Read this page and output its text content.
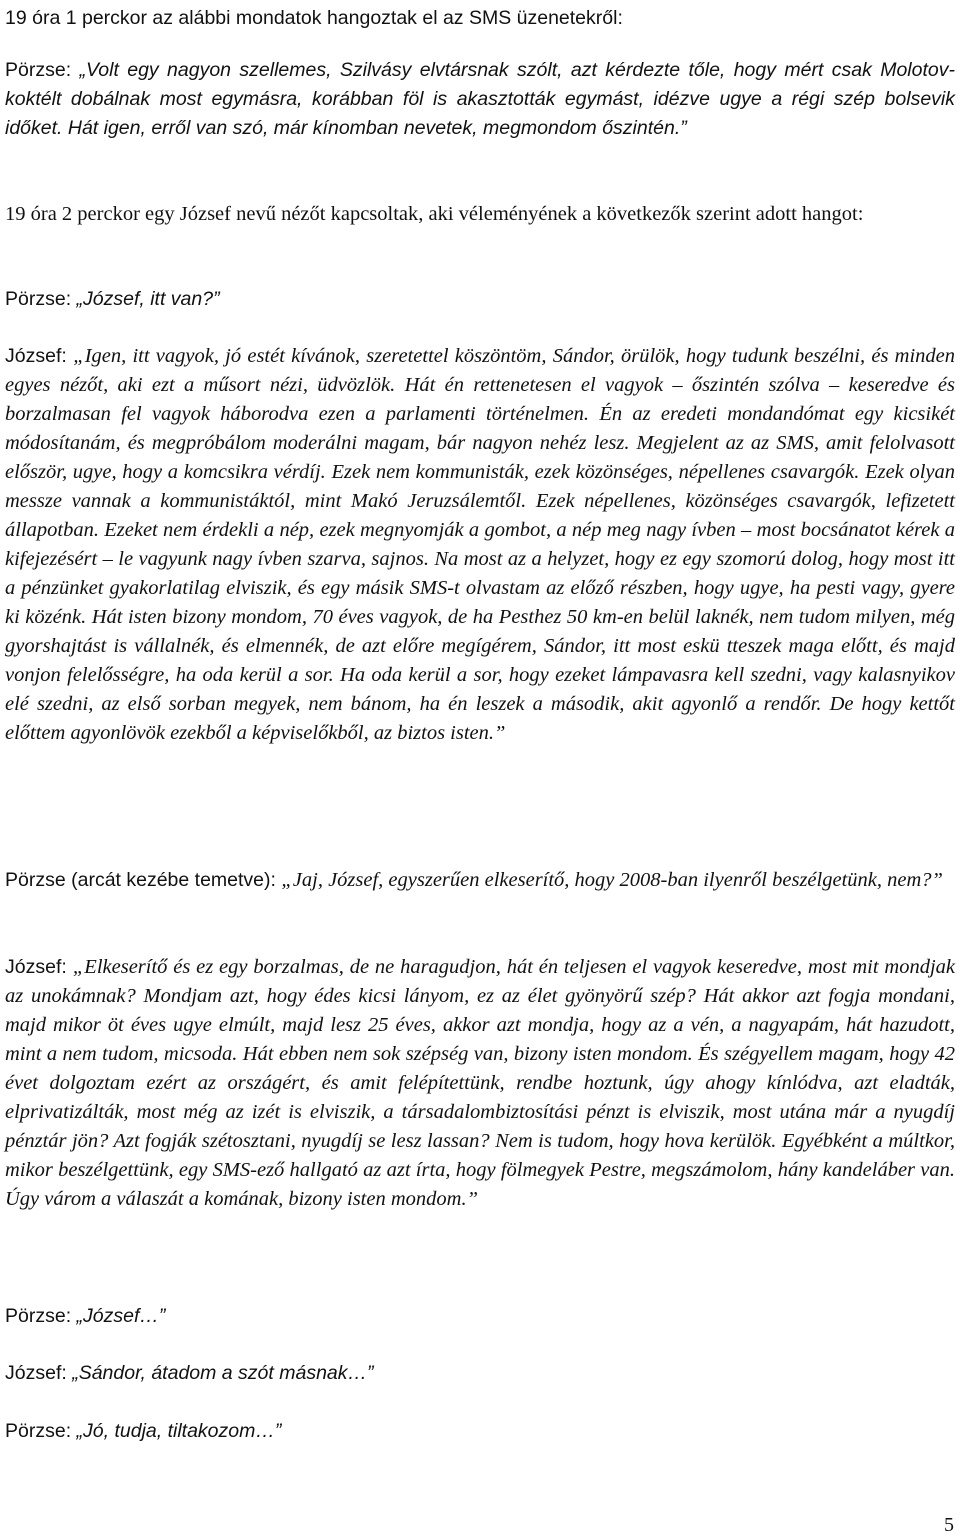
19 óra 1 perckor az alábbi mondatok hangoztak el az SMS üzenetekről:

Pörzse: „Volt egy nagyon szellemes, Szilvásy elvtársnak szólt, azt kérdezte tőle, hogy mért csak Molotov-koktélt dobálnak most egymásra, korábban föl is akasztották egymást, idézve ugye a régi szép bolsevik időket. Hát igen, erről van szó, már kínomban nevetek, megmondom őszintén.”

19 óra 2 perckor egy József nevű nézőt kapcsoltak, aki véleményének a következők szerint adott hangot:

Pörzse: „József, itt van?”

József: „Igen, itt vagyok, jó estét kívánok, szeretettel köszöntöm, Sándor, örülök, hogy tudunk beszélni, és minden egyes nézőt, aki ezt a műsort nézi, üdvözlök. Hát én rettenetesen el vagyok – őszintén szólva – keseredve és borzalmasan fel vagyok háborodva ezen a parlamenti történelmen. Én az eredeti mondandómat egy kicsikét módosítanám, és megpróbálom moderálni magam, bár nagyon nehéz lesz. Megjelent az az SMS, amit felolvasott először, ugye, hogy a komcsikra vérdíj. Ezek nem kommunisták, ezek közönséges, népellenes csavargók. Ezek olyan messze vannak a kommunistáktól, mint Makó Jeruzsálemtől. Ezek népellenes, közönséges csavargók, lefizetett állapotban. Ezeket nem érdekli a nép, ezek megnyomják a gombot, a nép meg nagy ívben – most bocsánatot kérek a kifejezésért – le vagyunk nagy ívben szarva, sajnos. Na most az a helyzet, hogy ez egy szomorú dolog, hogy most itt a pénzünket gyakorlatilag elviszik, és egy másik SMS-t olvastam az előző részben, hogy ugye, ha pesti vagy, gyere ki közénk. Hát isten bizony mondom, 70 éves vagyok, de ha Pesthez 50 km-en belül laknék, nem tudom milyen, még gyorshajtást is vállalnék, és elmennék, de azt előre megígérem, Sándor, itt most eskü tteszek maga előtt, és majd vonjon felelősségre, ha oda kerül a sor. Ha oda kerül a sor, hogy ezeket lámpavasra kell szedni, vagy kalasnyikov elé szedni, az első sorban megyek, nem bánom, ha én leszek a második, akit agyonlő a rendőr. De hogy kettőt előttem agyonlövök ezekből a képviselőkből, az biztos isten.”

Pörzse (arcát kezébe temetve): „Jaj, József, egyszerűen elkeserítő, hogy 2008-ban ilyenről beszélgetünk, nem?”

József: „Elkeserítő és ez egy borzalmas, de ne haragudjon, hát én teljesen el vagyok keseredve, most mit mondjak az unokámnak? Mondjam azt, hogy édes kicsi lányom, ez az élet gyönyörű szép? Hát akkor azt fogja mondani, majd mikor öt éves ugye elmúlt, majd lesz 25 éves, akkor azt mondja, hogy az a vén, a nagyapám, hát hazudott, mint a nem tudom, micsoda. Hát ebben nem sok szépség van, bizony isten mondom. És szégyellem magam, hogy 42 évet dolgoztam ezért az országért, és amit felépítettünk, rendbe hoztunk, úgy ahogy kínlódva, azt eladták, elprivatizálták, most még az izét is elviszik, a társadalombiztosítási pénzt is elviszik, most utána már a nyugdíj pénztár jön? Azt fogják szétosztani, nyugdíj se lesz lassan? Nem is tudom, hogy hova kerülök. Egyébként a múltkor, mikor beszélgettünk, egy SMS-ező hallgató az azt írta, hogy fölmegyek Pestre, megszámolom, hány kandeláber van. Úgy várom a válaszát a komának, bizony isten mondom.”

Pörzse: „József…”

József: „Sándor, átadom a szót másnak…”

Pörzse: „Jó, tudja, tiltakozom…”

5
